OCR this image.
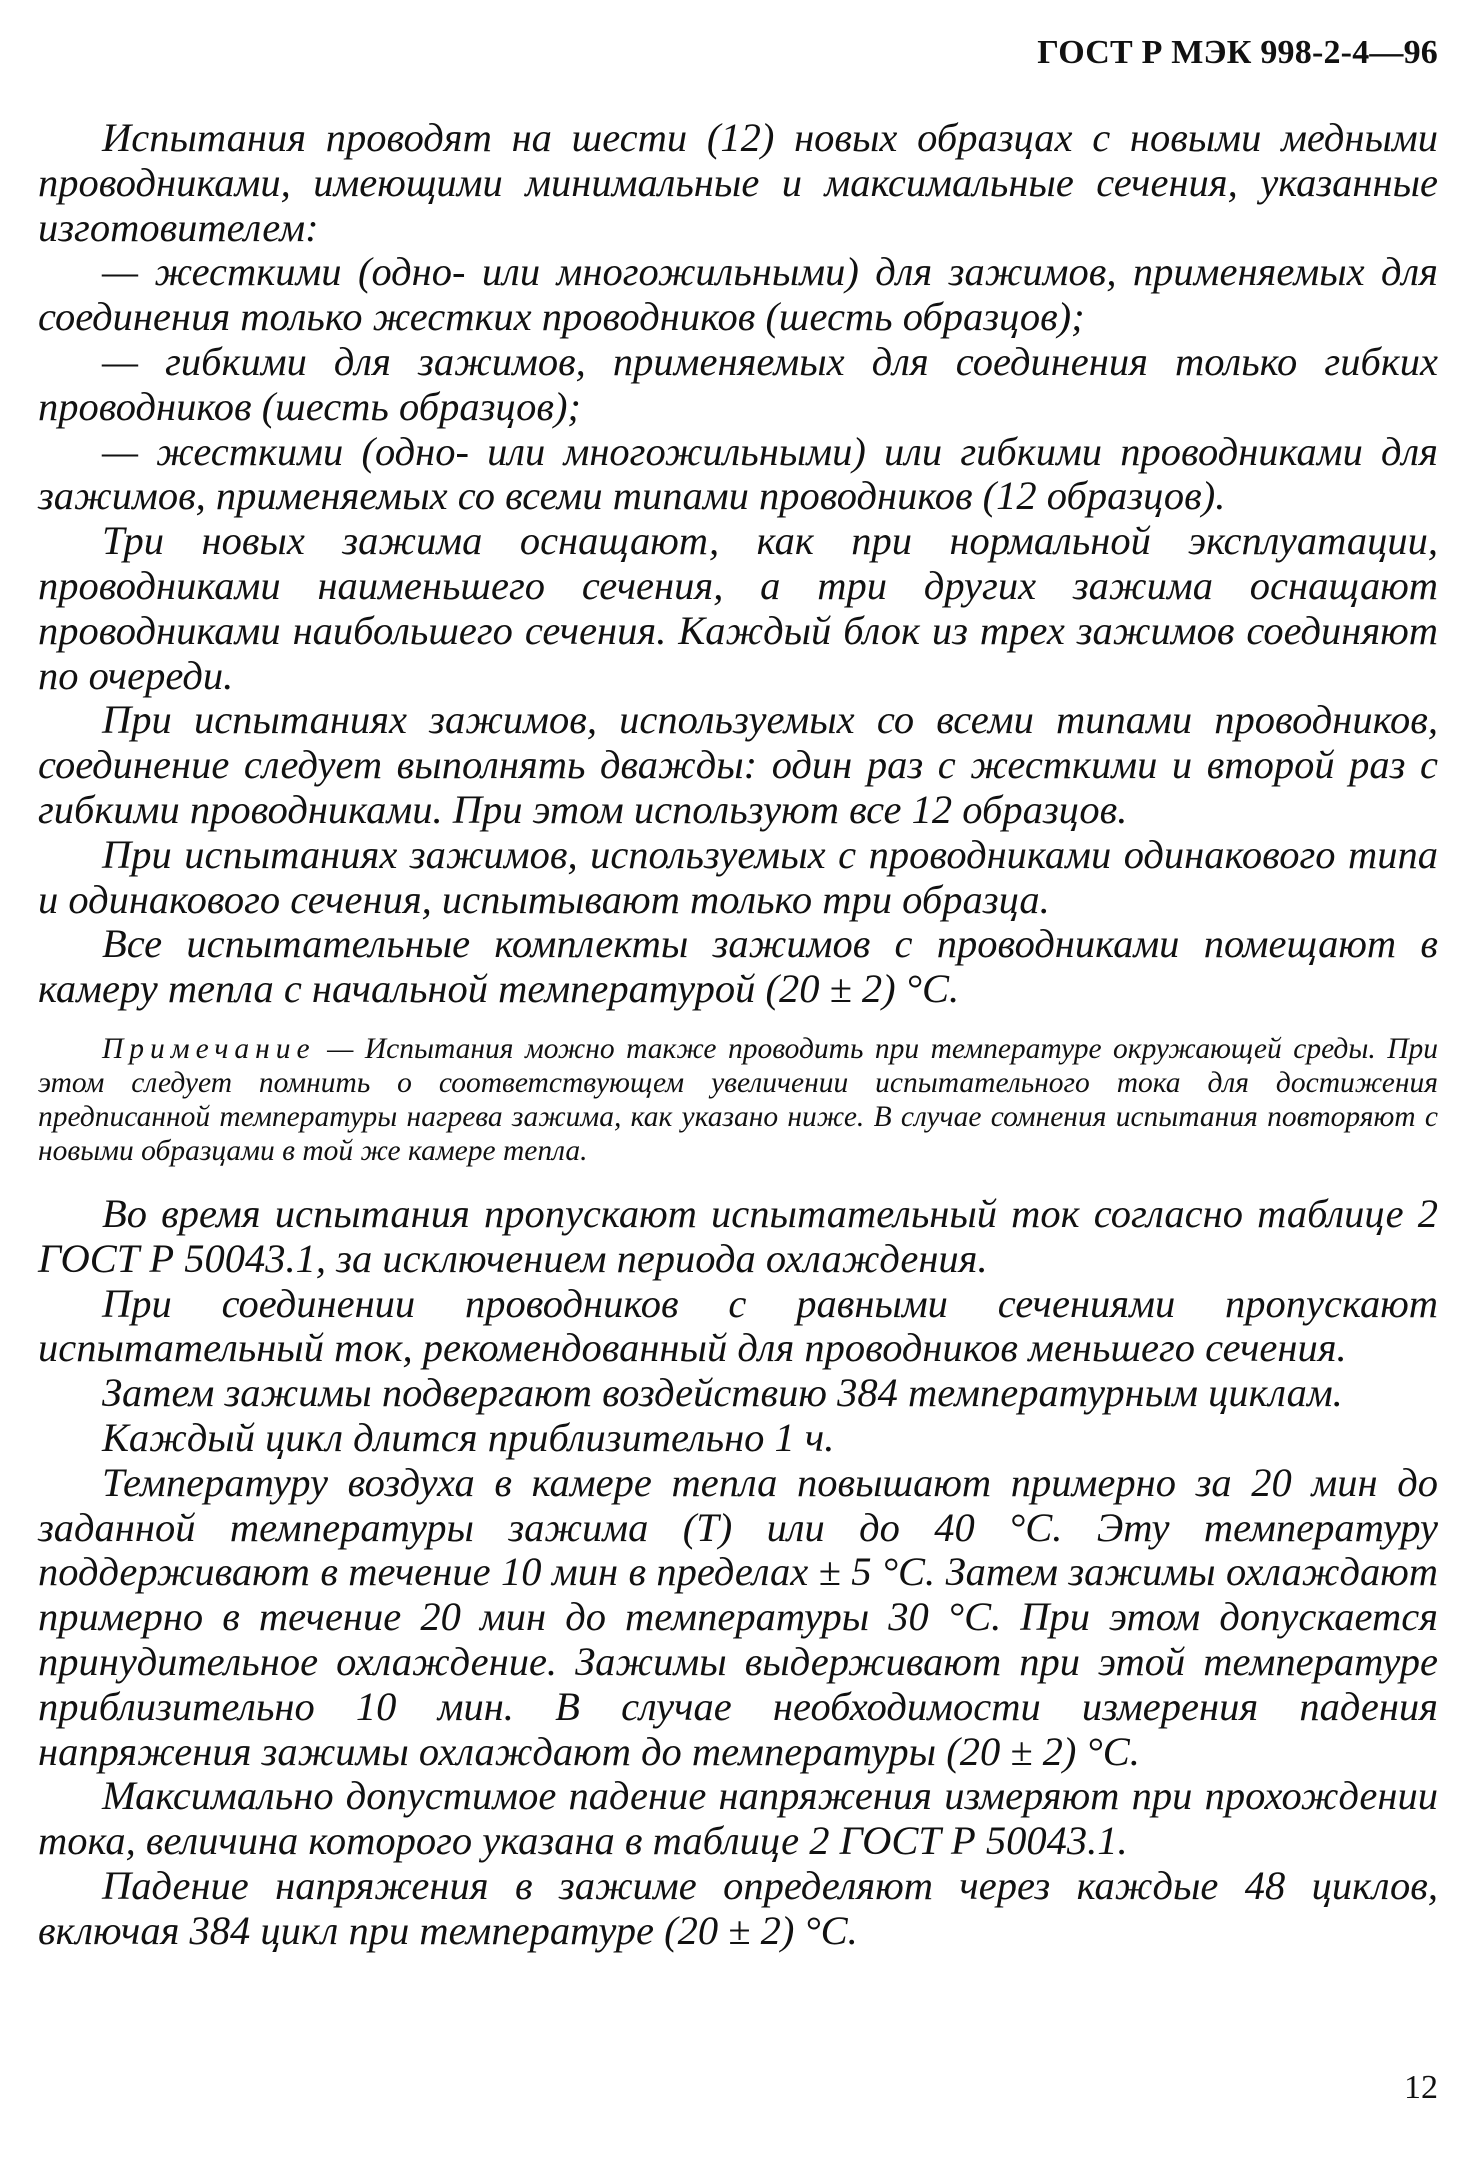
ГОСТ Р МЭК 998-2-4—96

Испытания проводят на шести (12) новых образцах с новыми медными проводниками, имеющими минимальные и максимальные сечения, указанные изготовителем:

— жесткими (одно- или многожильными) для зажимов, применяемых для соединения только жестких проводников (шесть образцов);

— гибкими для зажимов, применяемых для соединения только гибких проводников (шесть образцов);

— жесткими (одно- или многожильными) или гибкими проводниками для зажимов, применяемых со всеми типами проводников (12 образцов).

Три новых зажима оснащают, как при нормальной эксплуатации, проводниками наименьшего сечения, а три других зажима оснащают проводниками наибольшего сечения. Каждый блок из трех зажимов соединяют по очереди.

При испытаниях зажимов, используемых со всеми типами проводников, соединение следует выполнять дважды: один раз с жесткими и второй раз с гибкими проводниками. При этом используют все 12 образцов.

При испытаниях зажимов, используемых с проводниками одинакового типа и одинакового сечения, испытывают только три образца.

Все испытательные комплекты зажимов с проводниками помещают в камеру тепла с начальной температурой (20 ± 2) °C.

Примечание — Испытания можно также проводить при температуре окружающей среды. При этом следует помнить о соответствующем увеличении испытательного тока для достижения предписанной температуры нагрева зажима, как указано ниже. В случае сомнения испытания повторяют с новыми образцами в той же камере тепла.

Во время испытания пропускают испытательный ток согласно таблице 2 ГОСТ Р 50043.1, за исключением периода охлаждения.

При соединении проводников с равными сечениями пропускают испытательный ток, рекомендованный для проводников меньшего сечения.

Затем зажимы подвергают воздействию 384 температурным циклам.

Каждый цикл длится приблизительно 1 ч.

Температуру воздуха в камере тепла повышают примерно за 20 мин до заданной температуры зажима (Т) или до 40 °С. Эту температуру поддерживают в течение 10 мин в пределах ± 5 °С. Затем зажимы охлаждают примерно в течение 20 мин до температуры 30 °С. При этом допускается принудительное охлаждение. Зажимы выдерживают при этой температуре приблизительно 10 мин. В случае необходимости измерения падения напряжения зажимы охлаждают до температуры (20 ± 2) °C.

Максимально допустимое падение напряжения измеряют при прохождении тока, величина которого указана в таблице 2 ГОСТ Р 50043.1.

Падение напряжения в зажиме определяют через каждые 48 циклов, включая 384 цикл при температуре (20 ± 2) °C.

12
